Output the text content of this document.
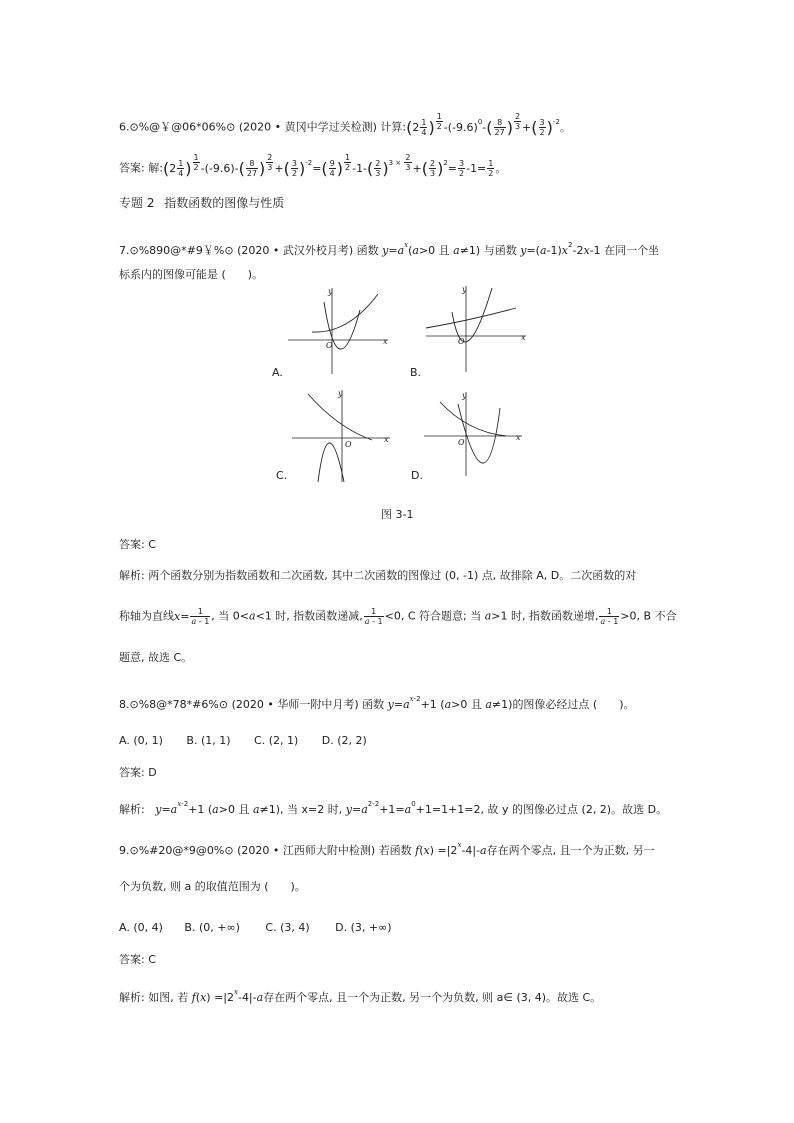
6.⊙%@￥@06*06%⊙ (2020 • 黄冈中学过关检测) 计算:(2 $\frac{1}{4}$ ) $^{\frac{1}{2}}$ $-(-9.6)^0-( \frac{8}{27}$ ) $^{\frac{2}{3}}$ +( $\frac{3}{2} )^{-2}$。
答案: 解:(2 $\frac{1}{4}$ ) $^{\frac{1}{2}}$ $-(-9.6)-( \frac{8}{27}$ ) $^{\frac{2}{3}}$ +( $\frac{3}{2} )^{-2}=( \frac{9}{4}$ ) $^{\frac{1}{2}}$ $-1-( \frac{2}{3} )^{3 \times \frac{2}{3}}$ +( $\frac{2}{3} )^2= \frac{3}{2} -1= \frac{1}{2}$ 。
专题 2 指数函数的图像与性质
7.⊙%890@*#9￥%⊙ (2020 • 武汉外校月考) 函数 $y=a^x(a>0$ 且 a≠1) 与函数 $y=(a-1)x^2-2x-1$ 在同一个坐
标系内的图像可能是 (　　)。
y
x
O
A.
y
x
O
B.
y
x
O
C.
y
x
O
D.
图 3-1
答案: C
解析: 两个函数分别为指数函数和二次函数, 其中二次函数的图像过 (0, -1) 点, 故排除 A, D。二次函数的对
称轴为直线$x= \frac{1}{a - 1}$ , 当 0<a<1 时, 指数函数递减, $\frac{1}{a - 1} <0$, C 符合题意; 当 a>1 时, 指数函数递增, $\frac{1}{a - 1} >0$, B 不合
题意, 故选 C。
8.⊙%8@*78*#6%⊙ (2020 • 华师一附中月考) 函数 $y=a^{x-2}+1$ (a>0 且 a≠1)的图像必经过点 (　　)。
A. (0, 1) B. (1, 1) C. (2, 1) D. (2, 2)
答案: D
解析: $y=a^{x-2}+1$ (a>0 且 a≠1), 当 x=2 时, $y=a^{2-2}+1=a^0+1=1+1=2$, 故 y 的图像必过点 (2, 2)。故选 D。
9.⊙%#20@*9@0%⊙ (2020 • 江西师大附中检测) 若函数 $f(x) =|2^x-4|-a$存在两个零点, 且一个为正数, 另一
个为负数, 则 a 的取值范围为 (　　)。
A. (0, 4) B. (0, +∞) C. (3, 4) D. (3, +∞)
答案: C
解析: 如图, 若 $f(x) =|2^x-4|-a$存在两个零点, 且一个为正数, 另一个为负数, 则 a∈ (3, 4)。故选 C。
